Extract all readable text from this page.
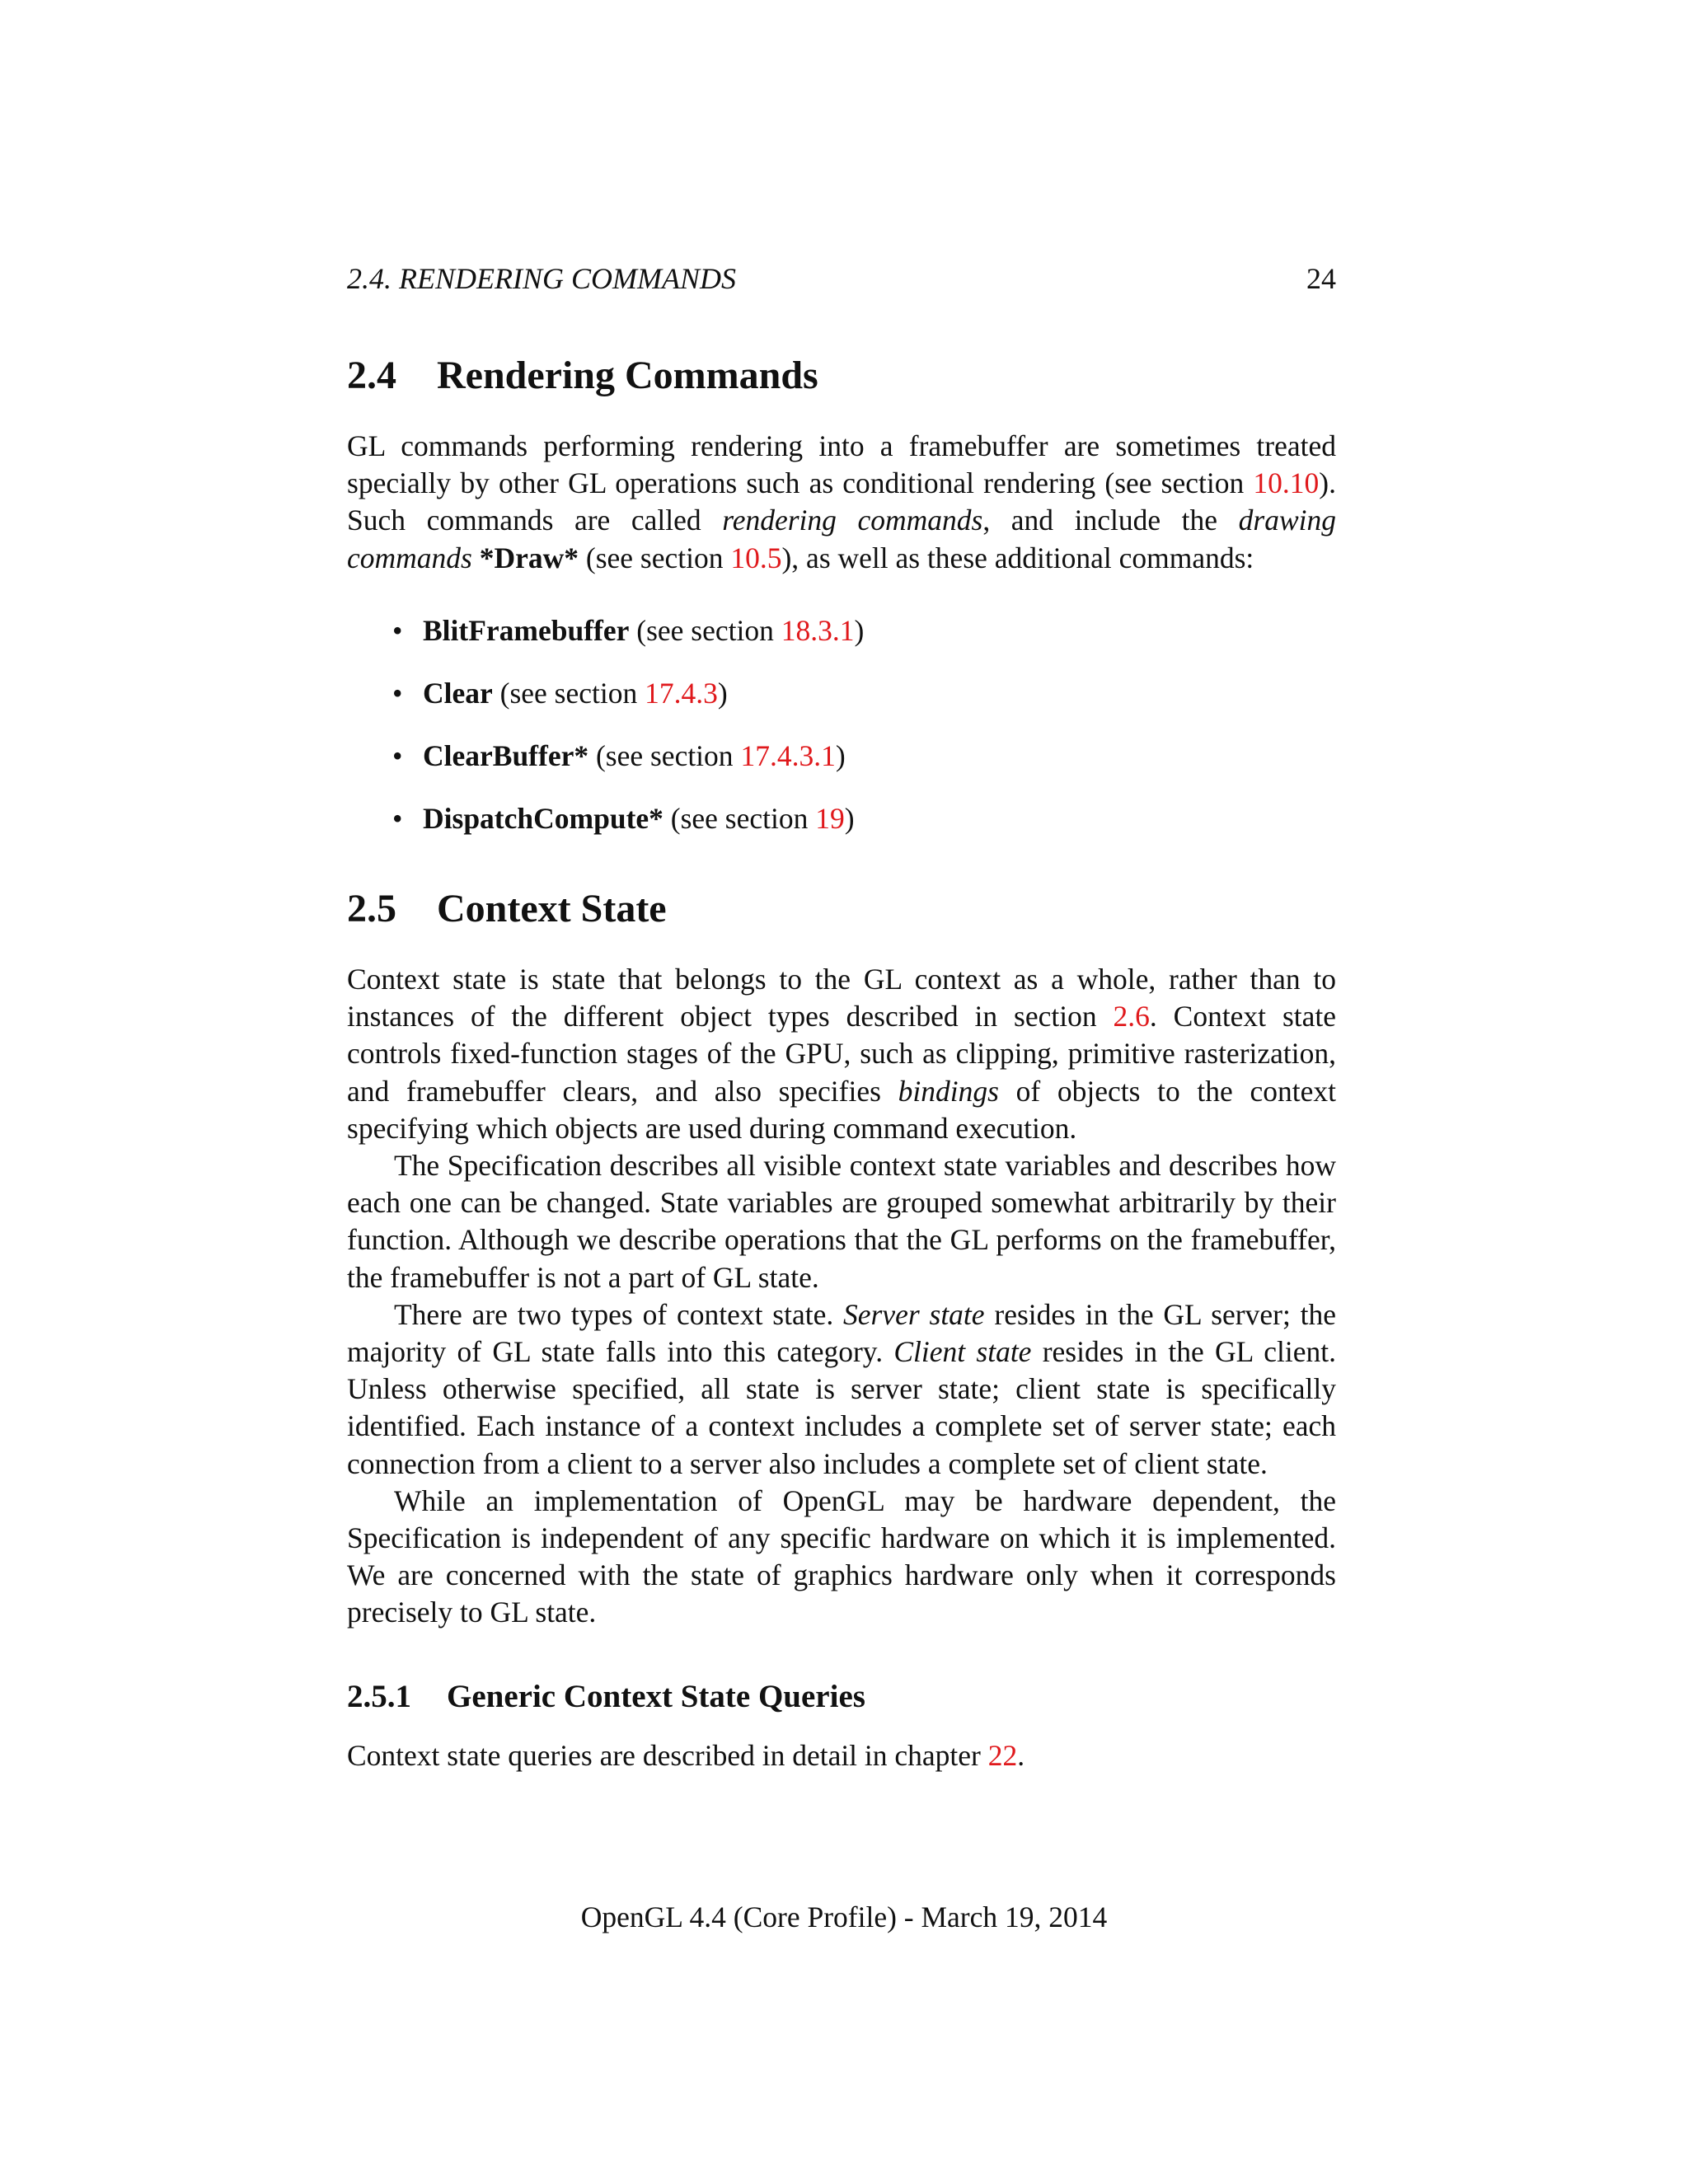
2.4. RENDERING COMMANDS	24
2.4 Rendering Commands

GL commands performing rendering into a framebuffer are sometimes treated specially by other GL operations such as conditional rendering (see section 10.10). Such commands are called rendering commands, and include the drawing commands *Draw* (see section 10.5), as well as these additional commands:

• BlitFramebuffer (see section 18.3.1)
• Clear (see section 17.4.3)
• ClearBuffer* (see section 17.4.3.1)
• DispatchCompute* (see section 19)
2.5 Context State

Context state is state that belongs to the GL context as a whole, rather than to instances of the different object types described in section 2.6. Context state controls fixed-function stages of the GPU, such as clipping, primitive rasterization, and framebuffer clears, and also specifies bindings of objects to the context specifying which objects are used during command execution.

The Specification describes all visible context state variables and describes how each one can be changed. State variables are grouped somewhat arbitrarily by their function. Although we describe operations that the GL performs on the framebuffer, the framebuffer is not a part of GL state.

There are two types of context state. Server state resides in the GL server; the majority of GL state falls into this category. Client state resides in the GL client. Unless otherwise specified, all state is server state; client state is specifically identified. Each instance of a context includes a complete set of server state; each connection from a client to a server also includes a complete set of client state.

While an implementation of OpenGL may be hardware dependent, the Specification is independent of any specific hardware on which it is implemented. We are concerned with the state of graphics hardware only when it corresponds precisely to GL state.

2.5.1 Generic Context State Queries

Context state queries are described in detail in chapter 22.

OpenGL 4.4 (Core Profile) - March 19, 2014
